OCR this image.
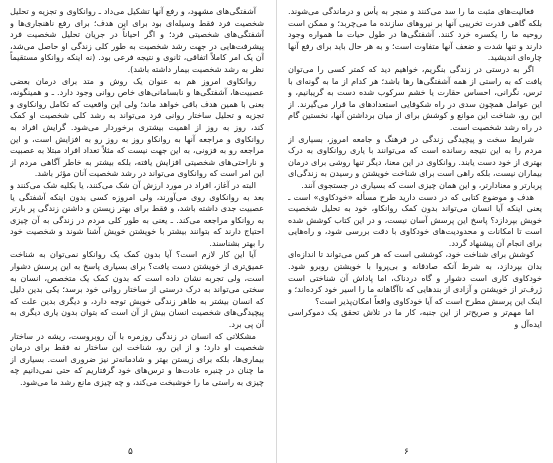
آشفتگی‌های مشهود، و رفع آنها تشکیل می‌داد ـ روانکاوی و تجزیه و تحلیل شخصیت فرد فقط وسیله‌ای بود برای این هدف؛ برای رفع ناهنجاری‌ها و آشفتگی‌های شخصیتی فرد؛ و اگر احیاناً در جریان تحلیل شخصیت فرد پیشرفت‌هایی در جهت رشد شخصیت به طور کلی زندگی او حاصل می‌شد، آن یک امر کاملاً اتفاقی، ثانوی و نتیجه فرعی بود. (نه اینکه روانکاو مستقیماً نظر به رشد شخصیت بیمار داشته باشد).

روانکاوی امروز هم به عنوان یک روش و متد برای درمان بعضی عصبیت‌ها، آشفتگی‌ها و نابسامانی‌های خاص روانی وجود دارد. ـ و همینگونه، بعنی با همین هدف باقی خواهد ماند؛ ولی این واقعیت که تکامل روانکاوی و تجزیه و تحلیل ساختار روانی فرد می‌تواند به رشد کلی شخصیت او کمک کند، روز به روز از اهمیت بیشتری برخوردار می‌شود. گرایش افراد به روانکاوی و مراجعه آنها به روانکاو روز به روز رو به افزایش است، و این مراجعه رو به فزونی، به این جهت نیست که مثلاً تعداد افراد مبتلا به عصبیت و ناراحتی‌های شخصیتی افزایش یافته، بلکه بیشتر به خاطر آگاهی مردم از این امر است که روانکاوی می‌تواند در رشد شخصیت آنان مؤثر باشد.

البته در آغاز، افراد در مورد ارزش آن شک می‌کنند، یا بکلیه شک می‌کنند و بعد به روانکاوی روی می‌آورند، ولی امروزه کسی بدون اینکه آشفتگی یا عصبیت جدی داشته باشد، و فقط برای بهتر زیستن و داشتن زندگی پر بارتر به روانکاو مراجعه می‌کند. ـ یعنی به طور کلی مردم در زندگی به آن چیزی احتیاج دارند که بتوانند بیشتر با خویشتن خویش آشنا شوند و شخصیت خود را بهتر بشناسند.

آیا این کار لازم است؟ آیا بدون کمک یک روانکاو نمی‌توان به شناخت عمیق‌تری از خویشتن دست یافت؟ برای بسیاری پاسخ به این پرسش دشوار است، ولی تجربه نشان داده است که بدون کمک یک متخصص، انسان به سختی می‌تواند به درک درستی از ساختار روانی خود برسد؛ یکی بدین دلیل که انسان بیشتر به ظاهر زندگی خویش توجه دارد، و دیگری بدین علت که پیچیدگی‌های شخصیت انسان بیش از آن است که بتوان بدون یاری دیگری به آن پی برد.

مشکلاتی که انسان در زندگی روزمره با آن روبروست، ریشه در ساختار شخصیت او دارد؛ و از این رو، شناخت این ساختار نه فقط برای درمان بیماری‌ها، بلکه برای زیستن بهتر و شادمانه‌تر نیز ضروری است. بسیاری از ما چنان در چنبره عادت‌ها و ترس‌های خود گرفتاریم که حتی نمی‌دانیم چه چیزی به راستی ما را خوشبخت می‌کند، و چه چیزی مانع رشد ما می‌شود.

۵

فعالیت‌های مثبت ما را سد می‌کنند و منجر به یأس و درماندگی می‌شوند. بلکه گاهی قدرت تخریبی آنها بر نیروهای سازنده ما می‌چربد؛ و ممکن است روحیه ما را یکسره خرد کنند. آشفتگی‌ها در طول حیات ما همواره وجود دارند و تنها شدت و ضعف آنها متفاوت است؛ و به هر حال باید برای رفع آنها چاره‌ای اندیشید.

اگر به درستی در زندگی بنگریم، خواهیم دید که کمتر کسی را می‌توان یافت که به راستی از همه آشفتگی‌ها رها باشد؛ هر کدام از ما به گونه‌ای با ترس، نگرانی، احساس حقارت یا خشم سرکوب شده دست به گریبانیم، و این عوامل همچون سدی در راه شکوفایی استعدادهای ما قرار می‌گیرند. از این رو، شناخت این موانع و کوشش برای از میان برداشتن آنها، نخستین گام در راه رشد شخصیت است.

شرایط سخت و پیچیدگی زندگی در فرهنگ و جامعه امروز، بسیاری از مردم را به این نتیجه رسانده است که می‌توانند با یاری روانکاوی به درک بهتری از خود دست یابند. روانکاوی در این معنا، دیگر تنها روشی برای درمان بیماران نیست، بلکه راهی است برای شناخت خویشتن و رسیدن به زندگی‌ای پربارتر و معنادارتر، و این همان چیزی است که بسیاری در جستجوی آنند.

هدف و موضوع کتابی که در دست دارید طرح مسأله «خودکاوی» است ـ یعنی اینکه آیا انسان می‌تواند بدون کمک روانکاو، خود به تحلیل شخصیت خویش بپردازد؟ پاسخ این پرسش آسان نیست، و در این کتاب کوشش شده است تا امکانات و محدودیت‌های خودکاوی با دقت بررسی شود، و راه‌هایی برای انجام آن پیشنهاد گردد.

کوشش برای شناخت خود، کوششی است که هر کس می‌تواند تا اندازه‌ای بدان بپردازد، به شرط آنکه صادقانه و بی‌پروا با خویشتن روبرو شود. خودکاوی کاری است دشوار و گاه دردناک، اما پاداش آن شناختی است ژرف‌تر از خویشتن و آزادی از بندهایی که ناآگاهانه ما را اسیر خود کرده‌اند؛ و اینک این پرسش مطرح است که آیا خودکاوی واقعاً امکان‌پذیر است؟

اما مهم‌تر و صریح‌تر از این جنبه، کار ما در تلاش تحقق یک دموکراسی ایده‌آل و

۶
